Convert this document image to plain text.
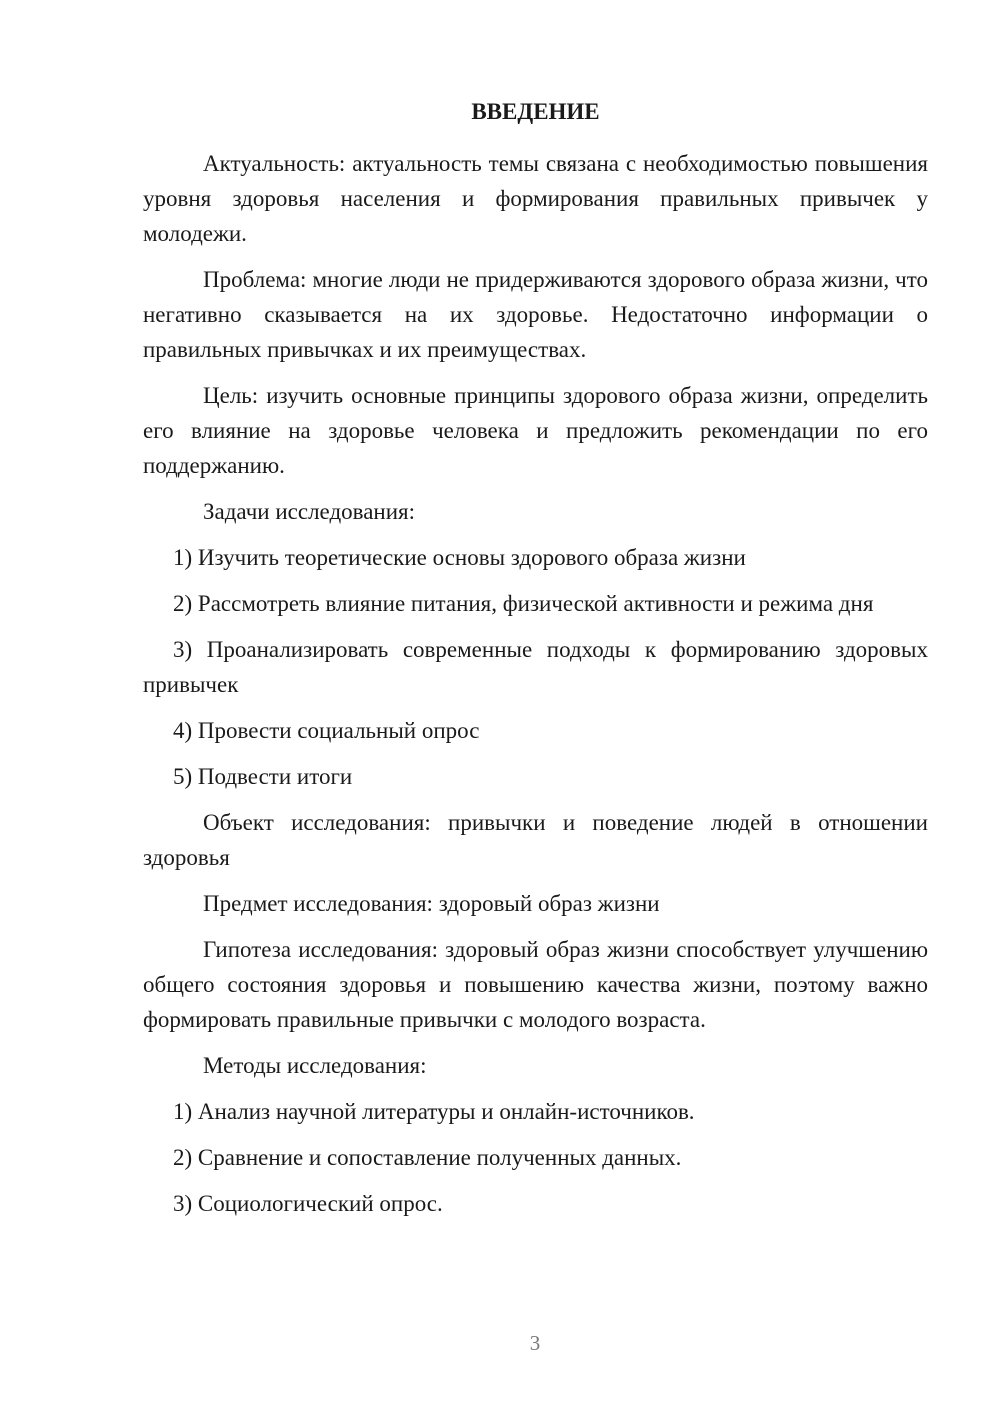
ВВЕДЕНИЕ

Актуальность: актуальность темы связана с необходимостью повышения уровня здоровья населения и формирования правильных привычек у молодежи.

Проблема: многие люди не придерживаются здорового образа жизни, что негативно сказывается на их здоровье. Недостаточно информации о правильных привычках и их преимуществах.

Цель: изучить основные принципы здорового образа жизни, определить его влияние на здоровье человека и предложить рекомендации по его поддержанию.

Задачи исследования:

1) Изучить теоретические основы здорового образа жизни

2) Рассмотреть влияние питания, физической активности и режима дня

3) Проанализировать современные подходы к формированию здоровых привычек

4) Провести социальный опрос

5) Подвести итоги

Объект исследования: привычки и поведение людей в отношении здоровья

Предмет исследования: здоровый образ жизни

Гипотеза исследования: здоровый образ жизни способствует улучшению общего состояния здоровья и повышению качества жизни, поэтому важно формировать правильные привычки с молодого возраста.

Методы исследования:

1) Анализ научной литературы и онлайн-источников.

2) Сравнение и сопоставление полученных данных.

3) Социологический опрос.

3
